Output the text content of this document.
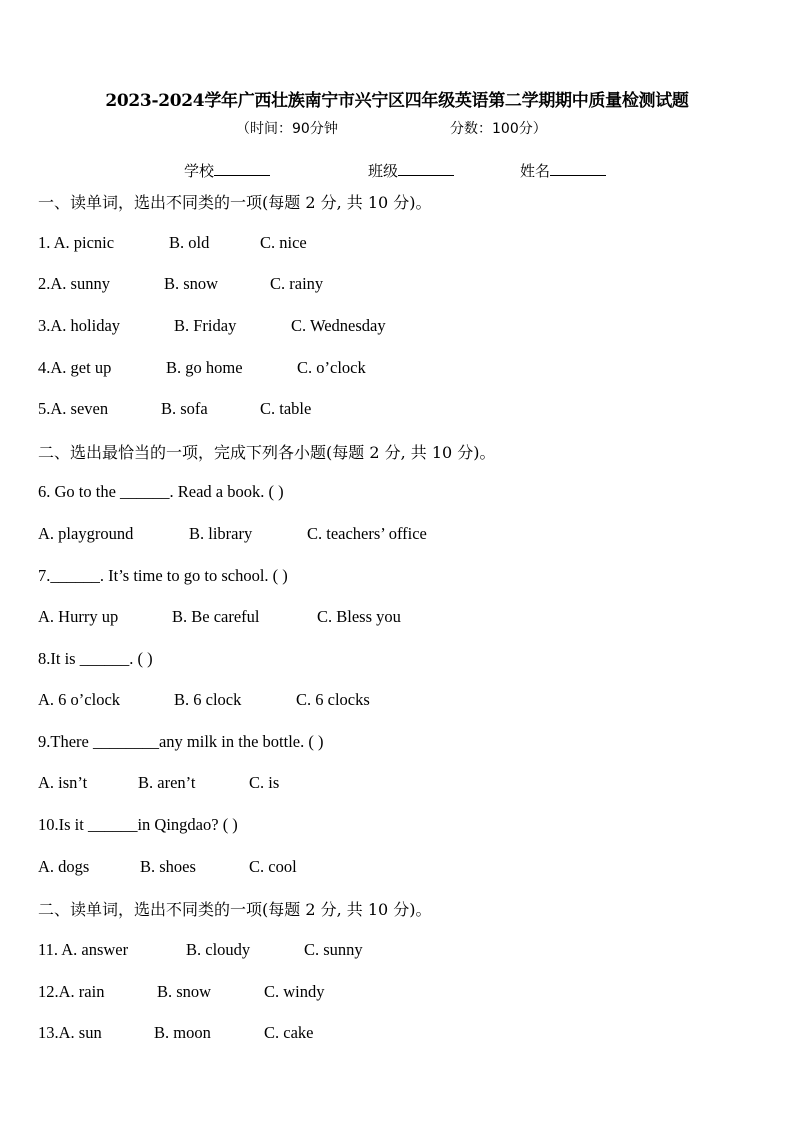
2023-2024学年广西壮族南宁市兴宁区四年级英语第二学期期中质量检测试题
（时间：90分钟	分数：100分）
学校	班级	姓名
一、读单词，选出不同类的一项(每题 2 分, 共 10 分)。
1. A. picnic	B. old	C. nice
2.A. sunny	B. snow	C. rainy
3.A. holiday	B. Friday	C. Wednesday
4.A. get up	B. go home	C. o’clock
5.A. seven	B. sofa	C. table
二、选出最恰当的一项，完成下列各小题(每题 2 分, 共 10 分)。
6. Go to the ______. Read a book. ( )
A. playground	B. library	C. teachers’ office
7.______. It’s time to go to school. ( )
A. Hurry up	B. Be careful	C. Bless you
8.It is ______. ( )
A. 6 o’clock	B. 6 clock	C. 6 clocks
9.There ________any milk in the bottle. ( )
A. isn’t	B. aren’t	C. is
10.Is it ______in Qingdao? ( )
A. dogs	B. shoes	C. cool
二、读单词，选出不同类的一项(每题 2 分, 共 10 分)。
11. A. answer	B. cloudy	C. sunny
12.A. rain	B. snow	C. windy
13.A. sun	B. moon	C. cake
